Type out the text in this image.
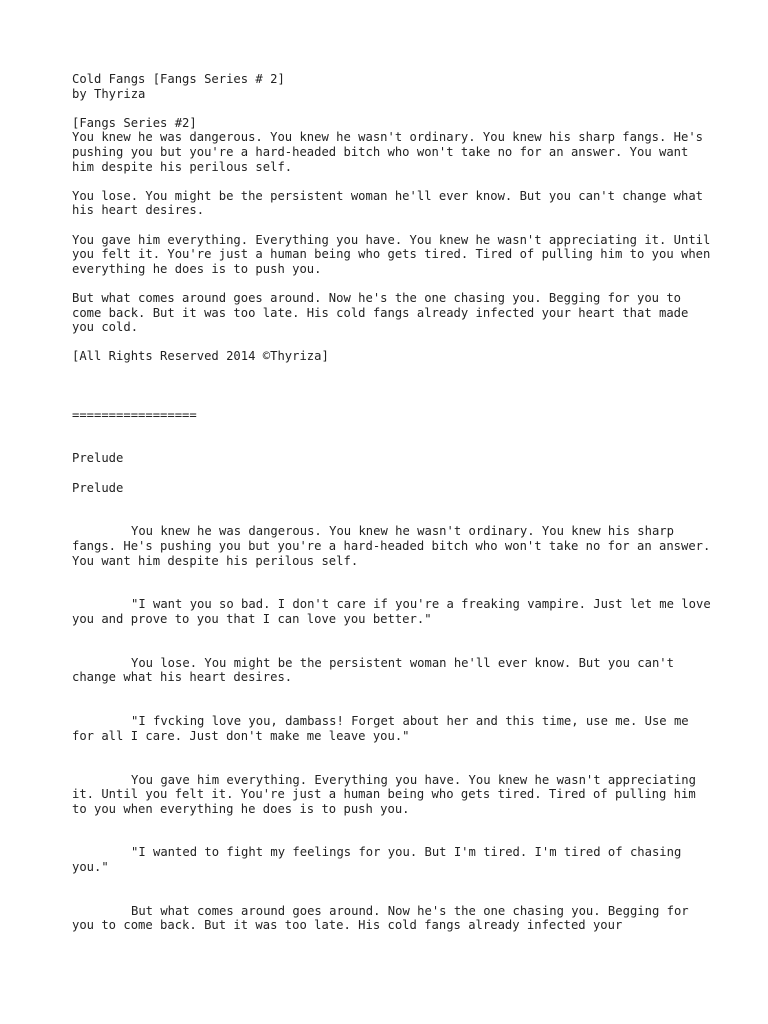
Cold Fangs [Fangs Series # 2]

by Thyriza

[Fangs Series #2]

You knew he was dangerous. You knew he wasn't ordinary. You knew his sharp fangs. He's pushing you but you're a hard-headed bitch who won't take no for an answer. You want him despite his perilous self.

You lose. You might be the persistent woman he'll ever know. But you can't change what his heart desires.

You gave him everything. Everything you have. You knew he wasn't appreciating it. Until you felt it. You're just a human being who gets tired. Tired of pulling him to you when everything he does is to push you.

But what comes around goes around. Now he's the one chasing you. Begging for you to come back. But it was too late. His cold fangs already infected your heart that made you cold.

[All Rights Reserved 2014 ©Thyriza]

=================

Prelude

Prelude

You knew he was dangerous. You knew he wasn't ordinary. You knew his sharp fangs. He's pushing you but you're a hard-headed bitch who won't take no for an answer. You want him despite his perilous self.

"I want you so bad. I don't care if you're a freaking vampire. Just let me love you and prove to you that I can love you better."

You lose. You might be the persistent woman he'll ever know. But you can't change what his heart desires.

"I fvcking love you, dambass! Forget about her and this time, use me. Use me for all I care. Just don't make me leave you."

You gave him everything. Everything you have. You knew he wasn't appreciating it. Until you felt it. You're just a human being who gets tired. Tired of pulling him to you when everything he does is to push you.

"I wanted to fight my feelings for you. But I'm tired. I'm tired of chasing you."

But what comes around goes around. Now he's the one chasing you. Begging for you to come back. But it was too late. His cold fangs already infected your
